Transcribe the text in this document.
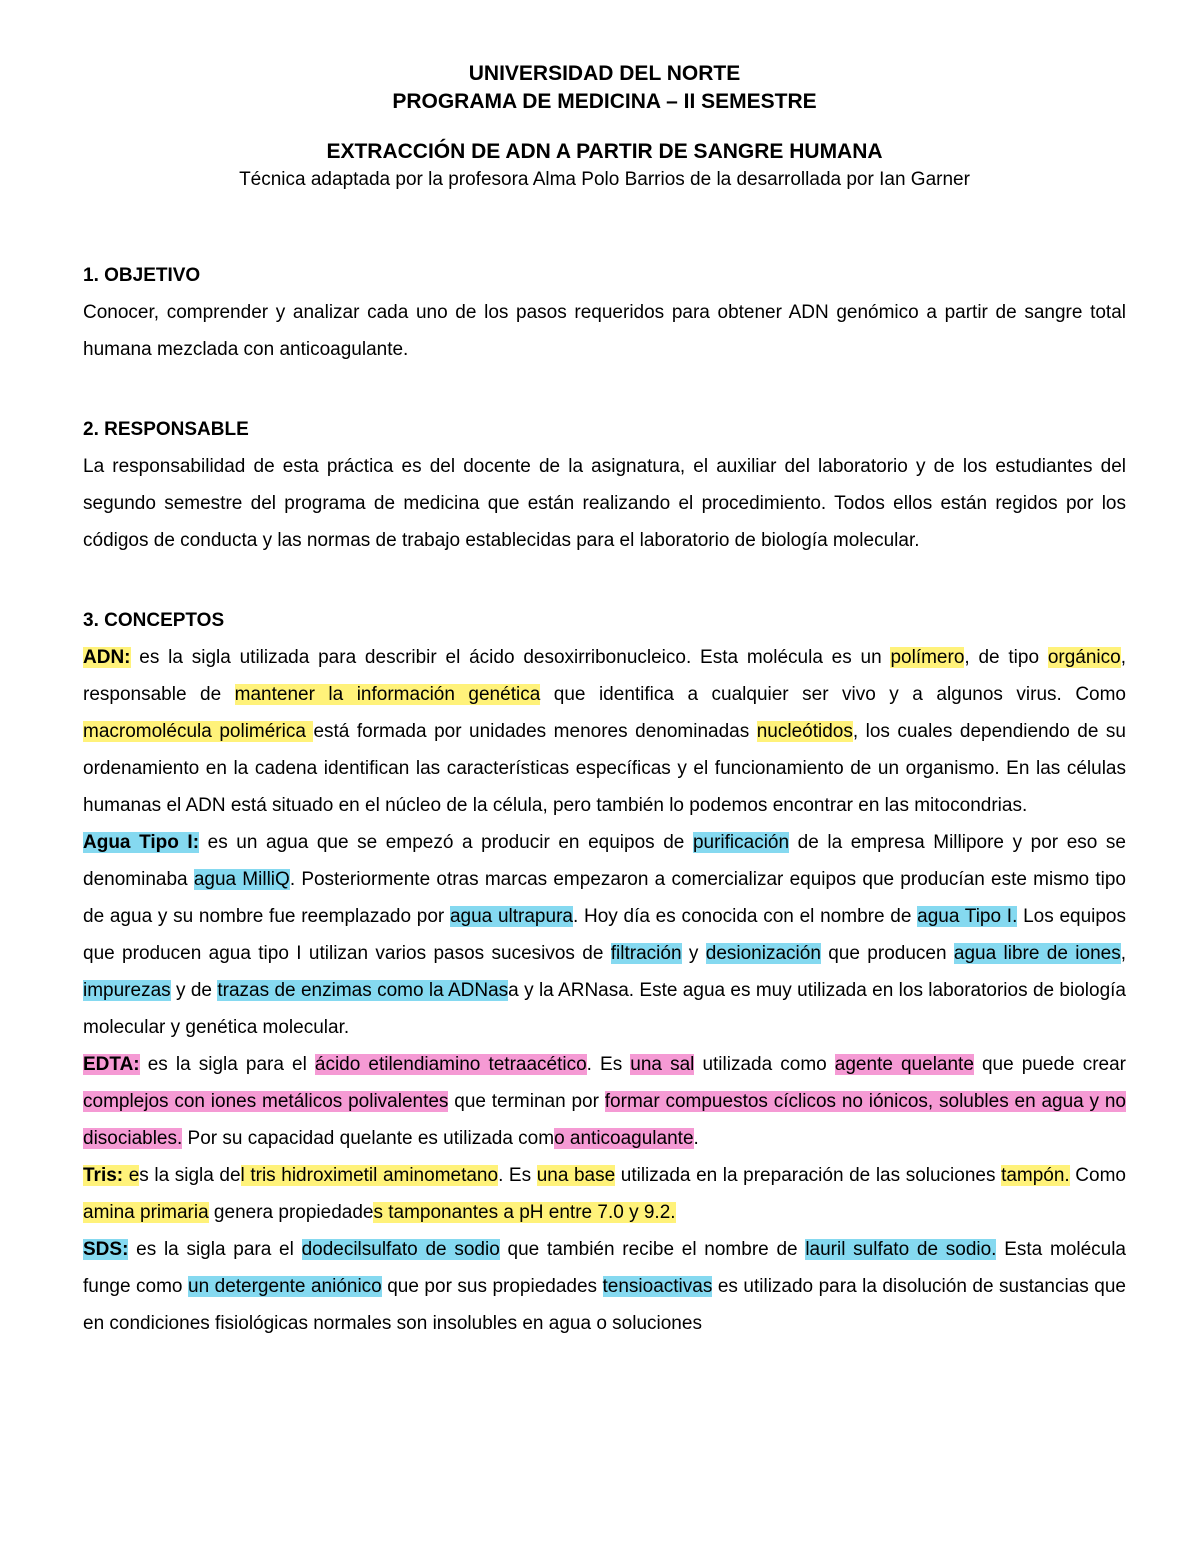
UNIVERSIDAD DEL NORTE
PROGRAMA DE MEDICINA – II SEMESTRE
EXTRACCIÓN DE ADN A PARTIR DE SANGRE HUMANA
Técnica adaptada por la profesora Alma Polo Barrios de la desarrollada por Ian Garner
1. OBJETIVO

Conocer, comprender y analizar cada uno de los pasos requeridos para obtener ADN genómico a partir de sangre total humana mezclada con anticoagulante.

2. RESPONSABLE

La responsabilidad de esta práctica es del docente de la asignatura, el auxiliar del laboratorio y de los estudiantes del segundo semestre del programa de medicina que están realizando el procedimiento. Todos ellos están regidos por los códigos de conducta y las normas de trabajo establecidas para el laboratorio de biología molecular.

3. CONCEPTOS

ADN: es la sigla utilizada para describir el ácido desoxirribonucleico. Esta molécula es un polímero, de tipo orgánico, responsable de mantener la información genética que identifica a cualquier ser vivo y a algunos virus. Como macromolécula polimérica está formada por unidades menores denominadas nucleótidos, los cuales dependiendo de su ordenamiento en la cadena identifican las características específicas y el funcionamiento de un organismo. En las células humanas el ADN está situado en el núcleo de la célula, pero también lo podemos encontrar en las mitocondrias.

Agua Tipo I: es un agua que se empezó a producir en equipos de purificación de la empresa Millipore y por eso se denominaba agua MilliQ. Posteriormente otras marcas empezaron a comercializar equipos que producían este mismo tipo de agua y su nombre fue reemplazado por agua ultrapura. Hoy día es conocida con el nombre de agua Tipo I. Los equipos que producen agua tipo I utilizan varios pasos sucesivos de filtración y desionización que producen agua libre de iones, impurezas y de trazas de enzimas como la ADNasa y la ARNasa. Este agua es muy utilizada en los laboratorios de biología molecular y genética molecular.

EDTA: es la sigla para el ácido etilendiamino tetraacético. Es una sal utilizada como agente quelante que puede crear complejos con iones metálicos polivalentes que terminan por formar compuestos cíclicos no iónicos, solubles en agua y no disociables. Por su capacidad quelante es utilizada como anticoagulante.

Tris: es la sigla del tris hidroximetil aminometano. Es una base utilizada en la preparación de las soluciones tampón. Como amina primaria genera propiedades tamponantes a pH entre 7.0 y 9.2.

SDS: es la sigla para el dodecilsulfato de sodio que también recibe el nombre de lauril sulfato de sodio. Esta molécula funge como un detergente aniónico que por sus propiedades tensioactivas es utilizado para la disolución de sustancias que en condiciones fisiológicas normales son insolubles en agua o soluciones
